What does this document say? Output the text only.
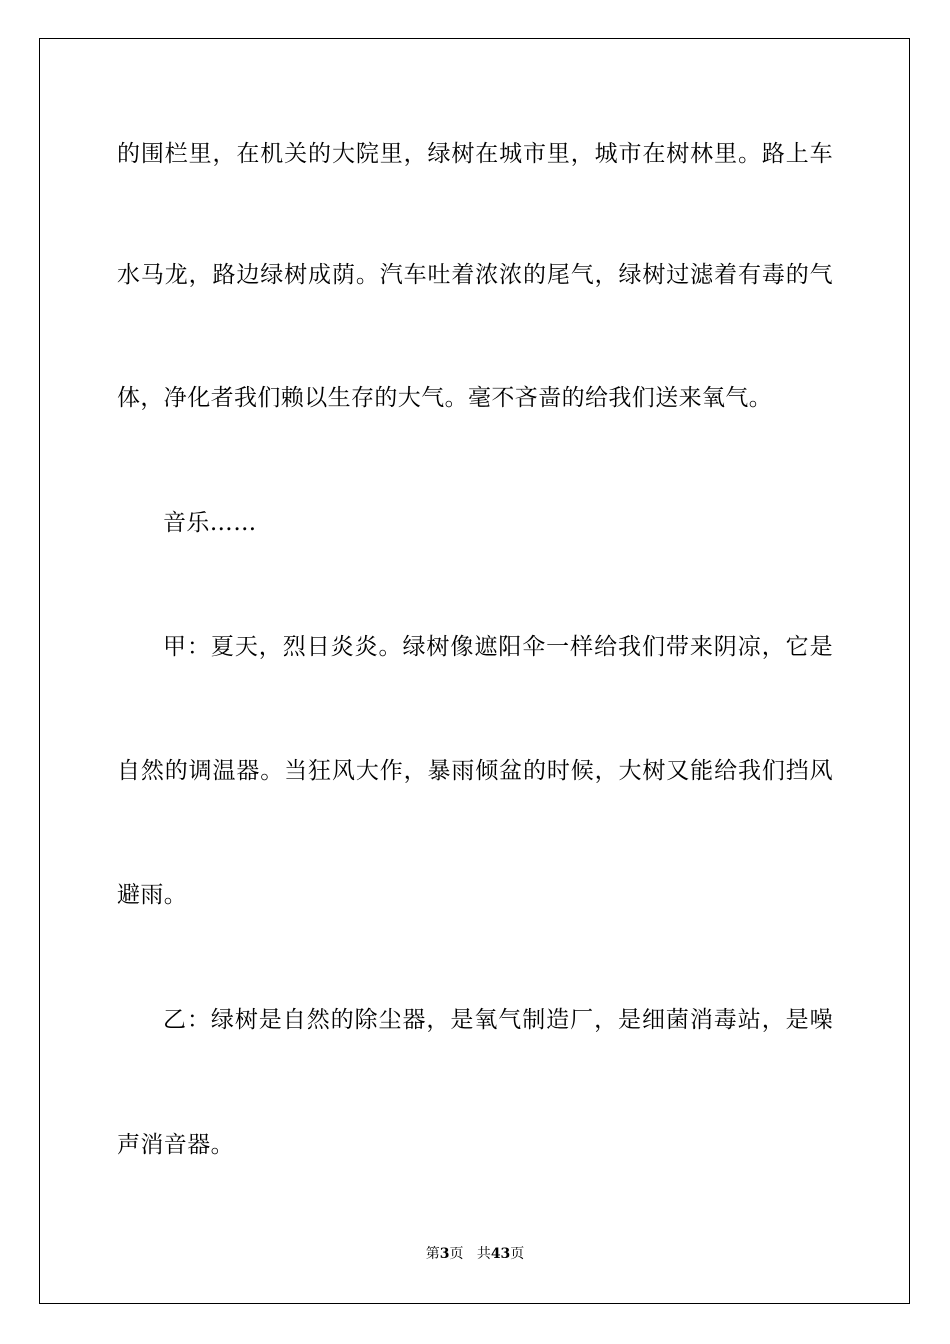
的围栏里，在机关的大院里，绿树在城市里，城市在树林里。路上车
水马龙，路边绿树成荫。汽车吐着浓浓的尾气，绿树过滤着有毒的气
体，净化者我们赖以生存的大气。毫不吝啬的给我们送来氧气。
音乐……
甲：夏天，烈日炎炎。绿树像遮阳伞一样给我们带来阴凉，它是
自然的调温器。当狂风大作，暴雨倾盆的时候，大树又能给我们挡风
避雨。
乙：绿树是自然的除尘器，是氧气制造厂，是细菌消毒站，是噪
声消音器。
第3页 共43页
